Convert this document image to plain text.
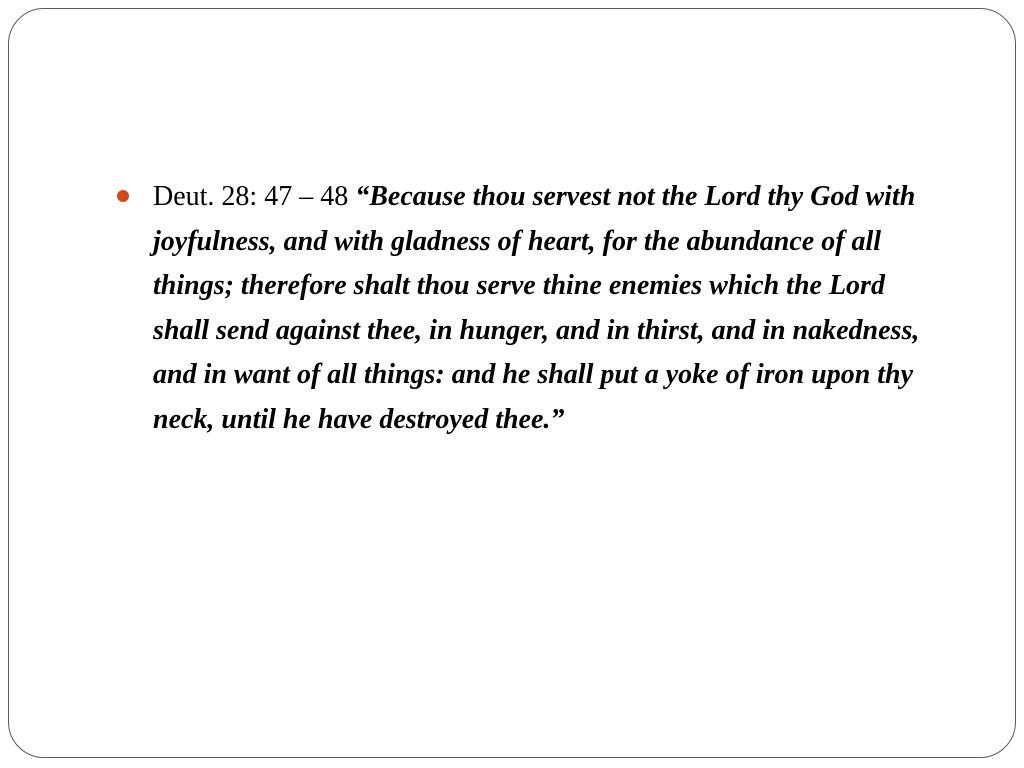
Deut. 28: 47 – 48 “Because thou servest not the Lord thy God with joyfulness, and with gladness of heart, for the abundance of all things; therefore shalt thou serve thine enemies which the Lord shall send against thee, in hunger, and in thirst, and in nakedness, and in want of all things: and he shall put a yoke of iron upon thy neck, until he have destroyed thee.”
